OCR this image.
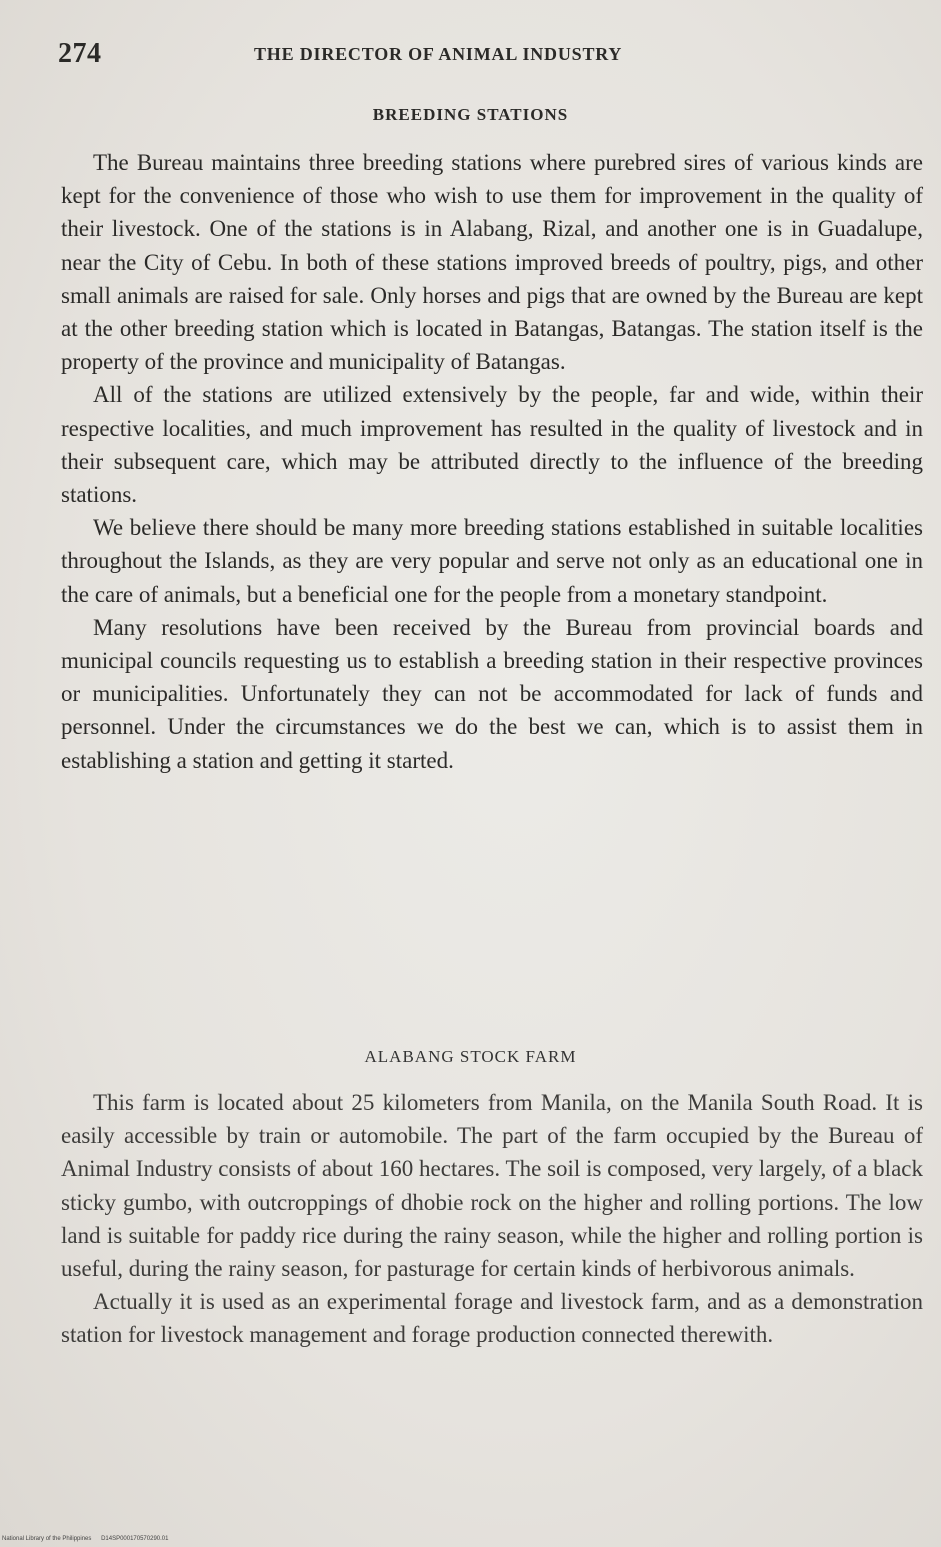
274	THE DIRECTOR OF ANIMAL INDUSTRY
BREEDING STATIONS

The Bureau maintains three breeding stations where purebred sires of various kinds are kept for the convenience of those who wish to use them for improvement in the quality of their livestock. One of the stations is in Alabang, Rizal, and another one is in Guadalupe, near the City of Cebu. In both of these stations improved breeds of poultry, pigs, and other small animals are raised for sale. Only horses and pigs that are owned by the Bureau are kept at the other breeding station which is located in Batangas, Batangas. The station itself is the property of the province and municipality of Batangas.

All of the stations are utilized extensively by the people, far and wide, within their respective localities, and much improvement has resulted in the quality of livestock and in their subsequent care, which may be attributed directly to the influence of the breeding stations.

We believe there should be many more breeding stations established in suitable localities throughout the Islands, as they are very popular and serve not only as an educational one in the care of animals, but a beneficial one for the people from a monetary standpoint.

Many resolutions have been received by the Bureau from provincial boards and municipal councils requesting us to establish a breeding station in their respective provinces or municipalities. Unfortunately they can not be accommodated for lack of funds and personnel. Under the circumstances we do the best we can, which is to assist them in establishing a station and getting it started.

ALABANG STOCK FARM

This farm is located about 25 kilometers from Manila, on the Manila South Road. It is easily accessible by train or automobile. The part of the farm occupied by the Bureau of Animal Industry consists of about 160 hectares. The soil is composed, very largely, of a black sticky gumbo, with outcroppings of dhobie rock on the higher and rolling portions. The low land is suitable for paddy rice during the rainy season, while the higher and rolling portion is useful, during the rainy season, for pasturage for certain kinds of herbivorous animals.

Actually it is used as an experimental forage and livestock farm, and as a demonstration station for livestock management and forage production connected therewith.

National Library of the Philippines D14SP000170570290.01
